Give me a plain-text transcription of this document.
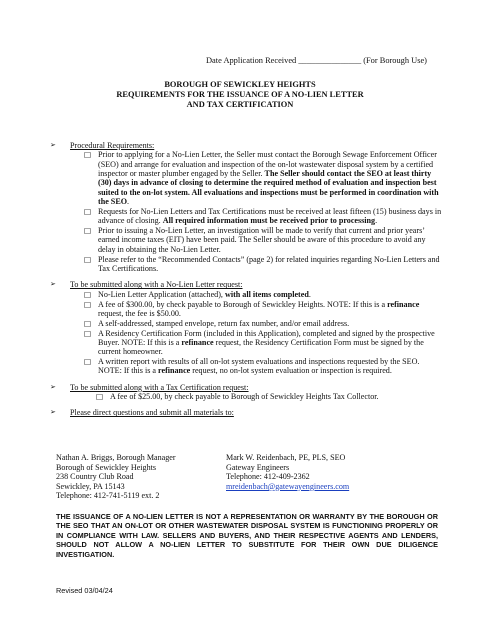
Date Application Received _______________ (For Borough Use)
BOROUGH OF SEWICKLEY HEIGHTS
REQUIREMENTS FOR THE ISSUANCE OF A NO-LIEN LETTER
AND TAX CERTIFICATION
➢ Procedural Requirements:
□ Prior to applying for a No-Lien Letter, the Seller must contact the Borough Sewage Enforcement Officer (SEO) and arrange for evaluation and inspection of the on-lot wastewater disposal system by a certified inspector or master plumber engaged by the Seller. The Seller should contact the SEO at least thirty (30) days in advance of closing to determine the required method of evaluation and inspection best suited to the on-lot system. All evaluations and inspections must be performed in coordination with the SEO.
□ Requests for No-Lien Letters and Tax Certifications must be received at least fifteen (15) business days in advance of closing. All required information must be received prior to processing.
□ Prior to issuing a No-Lien Letter, an investigation will be made to verify that current and prior years’ earned income taxes (EIT) have been paid. The Seller should be aware of this procedure to avoid any delay in obtaining the No-Lien Letter.
□ Please refer to the “Recommended Contacts” (page 2) for related inquiries regarding No-Lien Letters and Tax Certifications.
➢ To be submitted along with a No-Lien Letter request:
□ No-Lien Letter Application (attached), with all items completed.
□ A fee of $300.00, by check payable to Borough of Sewickley Heights. NOTE: If this is a refinance request, the fee is $50.00.
□ A self-addressed, stamped envelope, return fax number, and/or email address.
□ A Residency Certification Form (included in this Application), completed and signed by the prospective Buyer. NOTE: If this is a refinance request, the Residency Certification Form must be signed by the current homeowner.
□ A written report with results of all on-lot system evaluations and inspections requested by the SEO. NOTE: If this is a refinance request, no on-lot system evaluation or inspection is required.
➢ To be submitted along with a Tax Certification request:
□ A fee of $25.00, by check payable to Borough of Sewickley Heights Tax Collector.
➢ Please direct questions and submit all materials to:
Nathan A. Briggs, Borough Manager
Borough of Sewickley Heights
238 Country Club Road
Sewickley, PA 15143
Telephone: 412-741-5119 ext. 2
Mark W. Reidenbach, PE, PLS, SEO
Gateway Engineers
Telephone: 412-409-2362
mreidenbach@gatewayengineers.com
THE ISSUANCE OF A NO-LIEN LETTER IS NOT A REPRESENTATION OR WARRANTY BY THE BOROUGH OR THE SEO THAT AN ON-LOT OR OTHER WASTEWATER DISPOSAL SYSTEM IS FUNCTIONING PROPERLY OR IN COMPLIANCE WITH LAW. SELLERS AND BUYERS, AND THEIR RESPECTIVE AGENTS AND LENDERS, SHOULD NOT ALLOW A NO-LIEN LETTER TO SUBSTITUTE FOR THEIR OWN DUE DILIGENCE INVESTIGATION.
Revised 03/04/24
